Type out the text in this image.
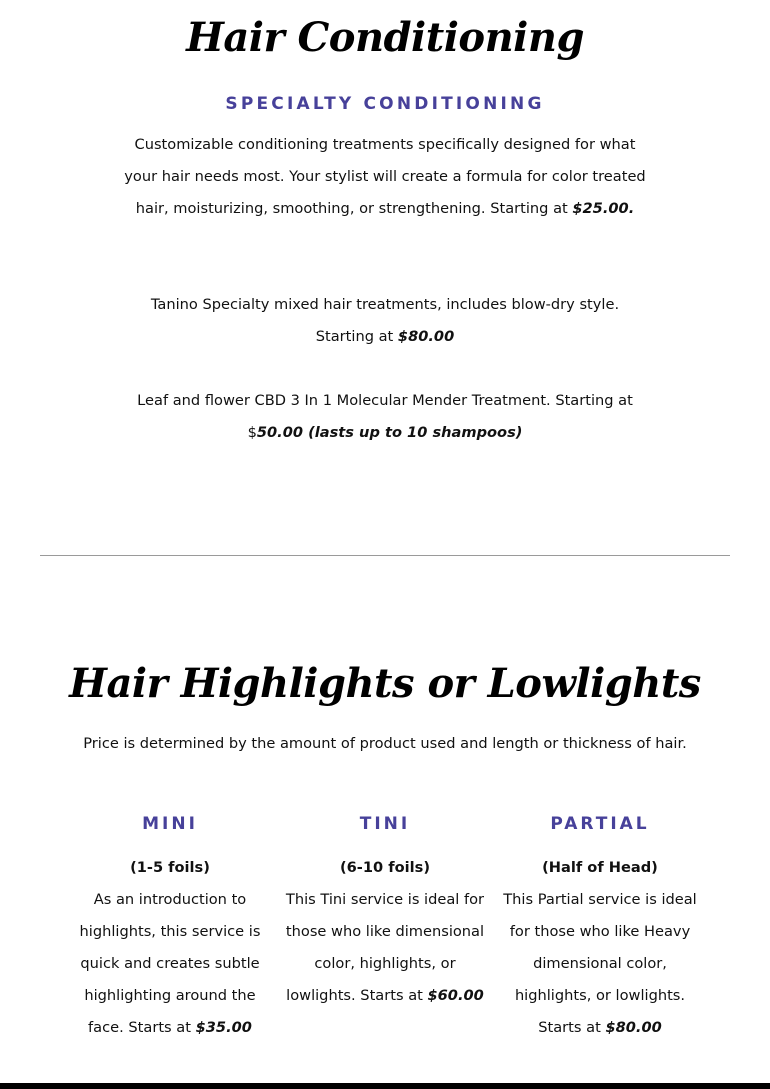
Hair Conditioning
SPECIALTY CONDITIONING

Customizable conditioning treatments specifically designed for what your hair needs most. Your stylist will create a formula for color treated hair, moisturizing, smoothing, or strengthening. Starting at $25.00.

Tanino Specialty mixed hair treatments, includes blow-dry style. Starting at $80.00

Leaf and flower CBD 3 In 1 Molecular Mender Treatment. Starting at
$50.00 (lasts up to 10 shampoos)

Hair Highlights or Lowlights

Price is determined by the amount of product used and length or thickness of hair.

MINI

(1-5 foils)

As an introduction to highlights, this service is quick and creates subtle highlighting around the face. Starts at $35.00

TINI

(6-10 foils)

This Tini service is ideal for those who like dimensional color, highlights, or lowlights. Starts at $60.00

PARTIAL

(Half of Head)

This Partial service is ideal for those who like Heavy dimensional color, highlights, or lowlights. Starts at $80.00
